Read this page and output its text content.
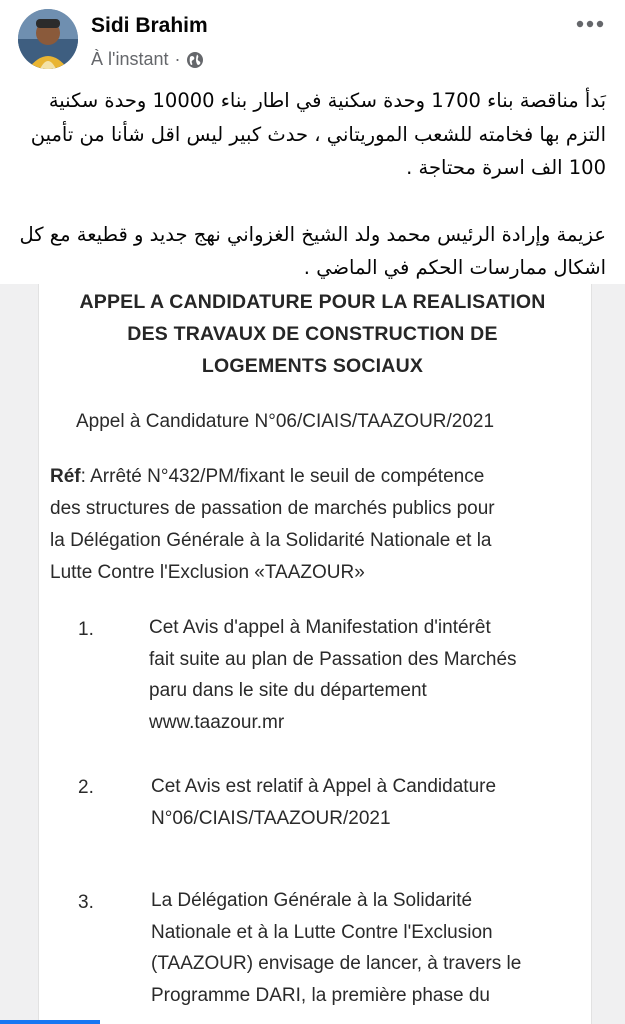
Sidi Brahim
À l'instant ·

بَدأ مناقصة بناء 1700 وحدة سكنية في اطار بناء 10000 وحدة سكنية التزم بها فخامته للشعب الموريتاني ، حدث كبير ليس اقل شأنا من تأمين 100 الف اسرة محتاجة .

عزيمة وإرادة الرئيس محمد ولد الشيخ الغزواني نهج جديد و قطيعة مع كل اشكال ممارسات الحكم في الماضي .

APPEL A CANDIDATURE POUR LA REALISATION
DES TRAVAUX DE CONSTRUCTION DE
LOGEMENTS SOCIAUX
Appel à Candidature N°06/CIAIS/TAAZOUR/2021
Réf: Arrêté N°432/PM/fixant le seuil de compétence
des structures de passation de marchés publics pour
la Délégation Générale à la Solidarité Nationale et la
Lutte Contre l'Exclusion «TAAZOUR»
1.	Cet Avis d'appel à Manifestation d'intérêt
fait suite au plan de Passation des Marchés
paru dans le site du département
www.taazour.mr
2.	Cet Avis est relatif à Appel à Candidature
N°06/CIAIS/TAAZOUR/2021
3.	La Délégation Générale à la Solidarité
Nationale et à la Lutte Contre l'Exclusion
(TAAZOUR) envisage de lancer, à travers le
Programme DARI, la première phase du
